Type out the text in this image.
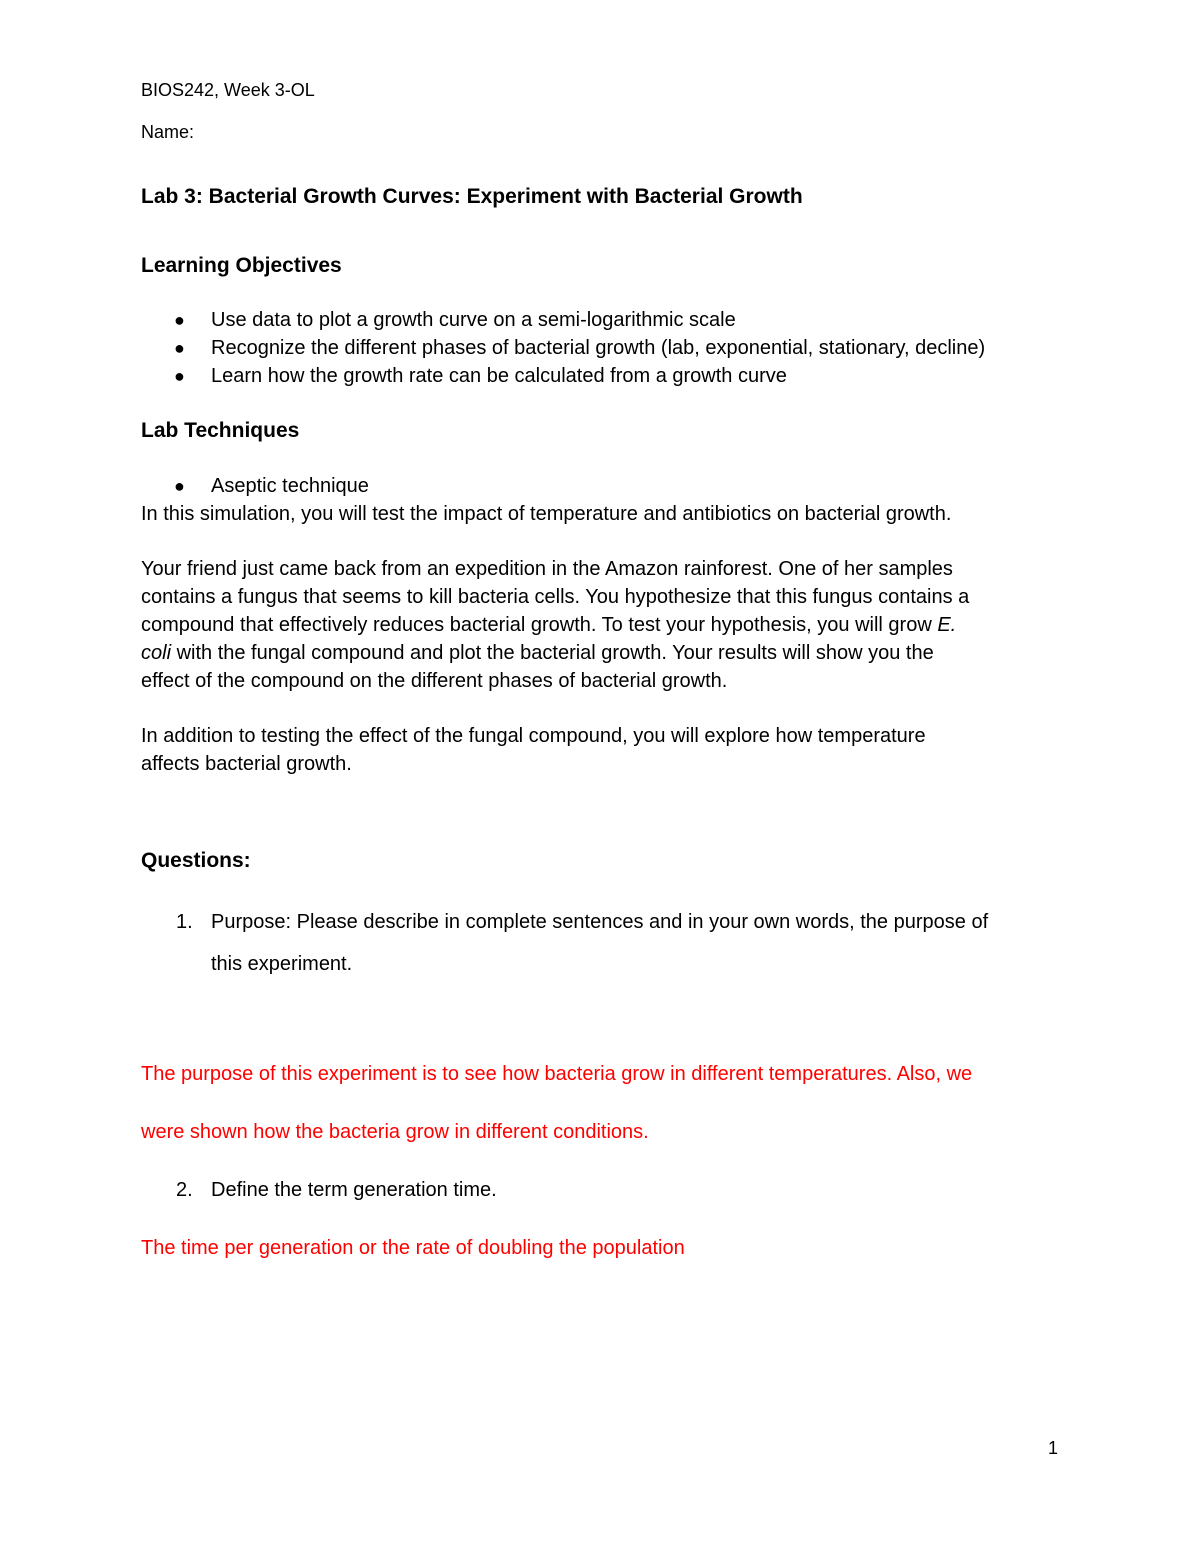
BIOS242, Week 3-OL
Name:
Lab 3: Bacterial Growth Curves: Experiment with Bacterial Growth
Learning Objectives
● Use data to plot a growth curve on a semi-logarithmic scale
● Recognize the different phases of bacterial growth (lab, exponential, stationary, decline)
● Learn how the growth rate can be calculated from a growth curve
Lab Techniques
● Aseptic technique

In this simulation, you will test the impact of temperature and antibiotics on bacterial growth.

Your friend just came back from an expedition in the Amazon rainforest. One of her samples

contains a fungus that seems to kill bacteria cells. You hypothesize that this fungus contains a

compound that effectively reduces bacterial growth. To test your hypothesis, you will grow E.

coli with the fungal compound and plot the bacterial growth. Your results will show you the

effect of the compound on the different phases of bacterial growth.

In addition to testing the effect of the fungal compound, you will explore how temperature

affects bacterial growth.

Questions:
1. Purpose: Please describe in complete sentences and in your own words, the purpose of
this experiment.

The purpose of this experiment is to see how bacteria grow in different temperatures. Also, we

were shown how the bacteria grow in different conditions.

2. Define the term generation time.

The time per generation or the rate of doubling the population

1
